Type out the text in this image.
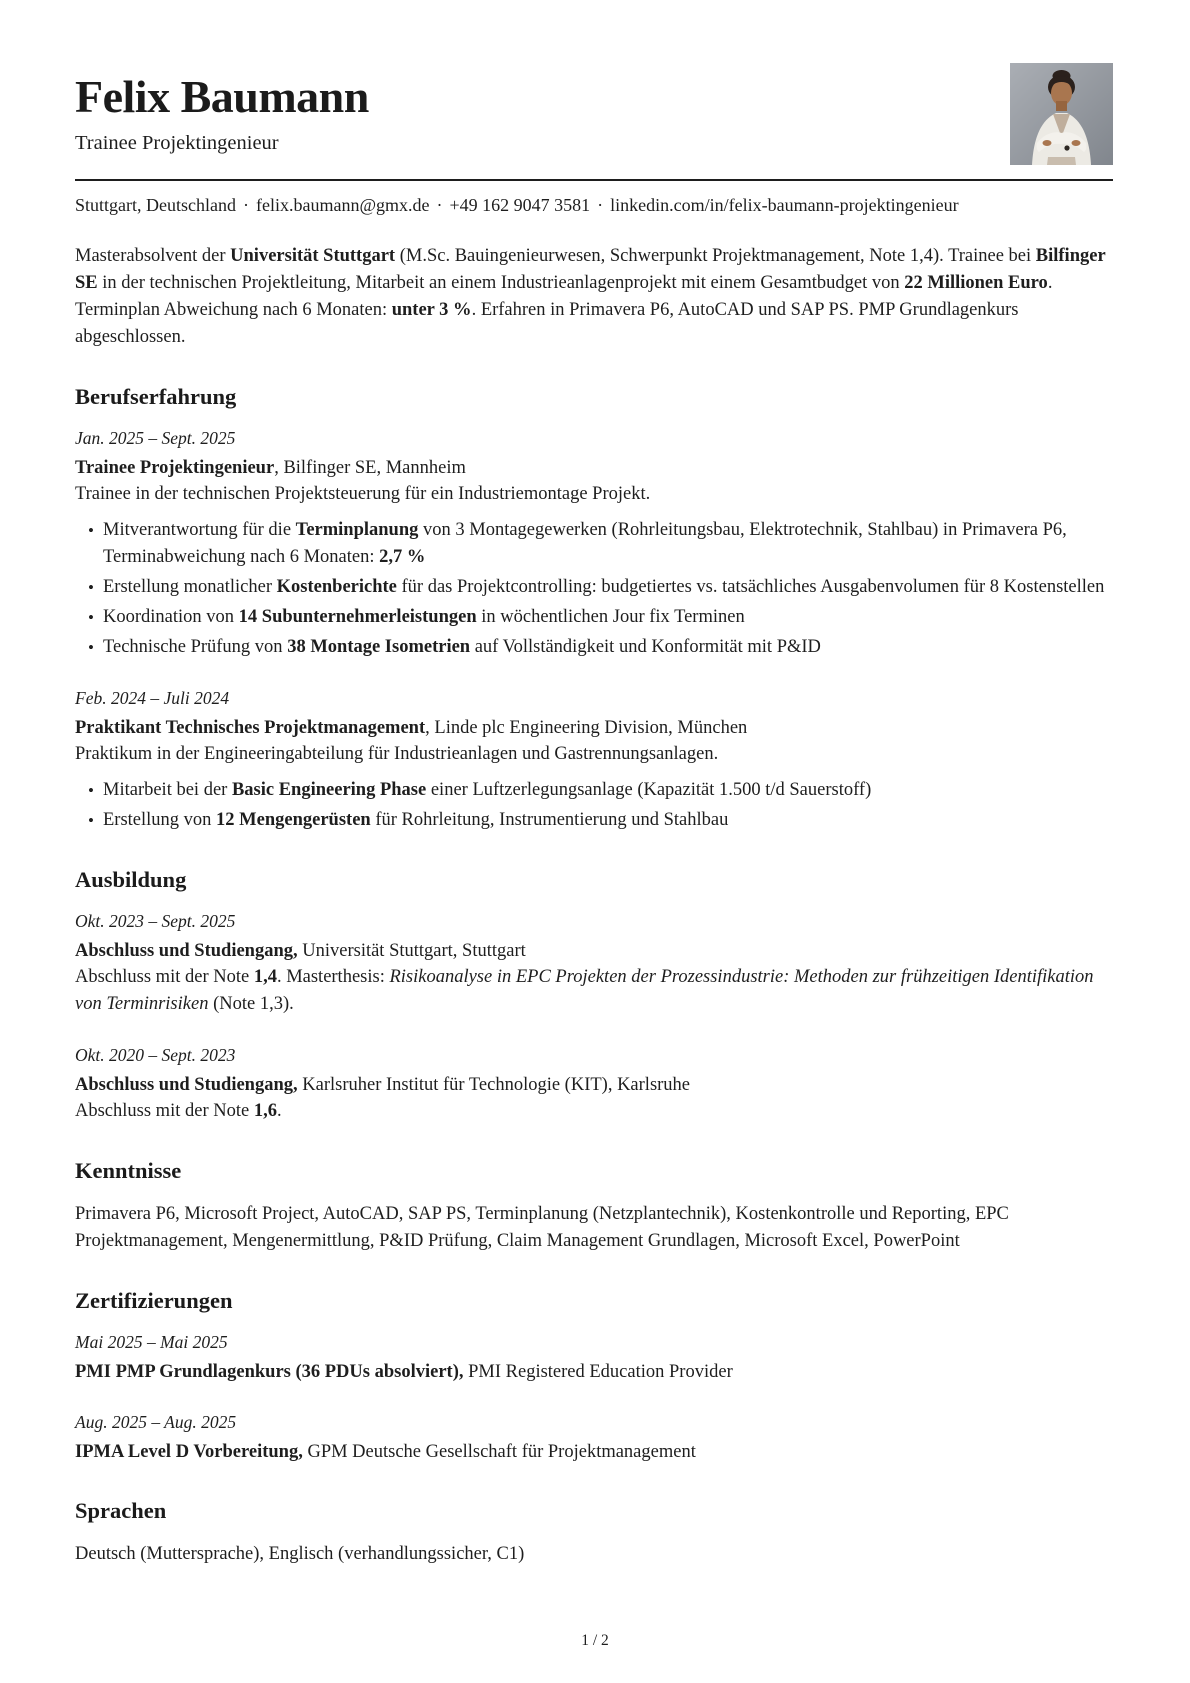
Felix Baumann
Trainee Projektingenieur
Stuttgart, Deutschland · felix.baumann@gmx.de · +49 162 9047 3581 · linkedin.com/in/felix-baumann-projektingenieur

Masterabsolvent der Universität Stuttgart (M.Sc. Bauingenieurwesen, Schwerpunkt Projektmanagement, Note 1,4). Trainee bei Bilfinger SE in der technischen Projektleitung, Mitarbeit an einem Industrieanlagenprojekt mit einem Gesamtbudget von 22 Millionen Euro. Terminplan Abweichung nach 6 Monaten: unter 3 %. Erfahren in Primavera P6, AutoCAD und SAP PS. PMP Grundlagenkurs abgeschlossen.

Berufserfahrung
Jan. 2025 – Sept. 2025
Trainee Projektingenieur, Bilfinger SE, Mannheim
Trainee in der technischen Projektsteuerung für ein Industriemontage Projekt.
• Mitverantwortung für die Terminplanung von 3 Montagegewerken (Rohrleitungsbau, Elektrotechnik, Stahlbau) in Primavera P6, Terminabweichung nach 6 Monaten: 2,7 %
• Erstellung monatlicher Kostenberichte für das Projektcontrolling: budgetiertes vs. tatsächliches Ausgabenvolumen für 8 Kostenstellen
• Koordination von 14 Subunternehmerleistungen in wöchentlichen Jour fix Terminen
• Technische Prüfung von 38 Montage Isometrien auf Vollständigkeit und Konformität mit P&ID
Feb. 2024 – Juli 2024
Praktikant Technisches Projektmanagement, Linde plc Engineering Division, München
Praktikum in der Engineeringabteilung für Industrieanlagen und Gastrennungsanlagen.
• Mitarbeit bei der Basic Engineering Phase einer Luftzerlegungsanlage (Kapazität 1.500 t/d Sauerstoff)
• Erstellung von 12 Mengengerüsten für Rohrleitung, Instrumentierung und Stahlbau
Ausbildung
Okt. 2023 – Sept. 2025
Abschluss und Studiengang, Universität Stuttgart, Stuttgart
Abschluss mit der Note 1,4. Masterthesis: Risikoanalyse in EPC Projekten der Prozessindustrie: Methoden zur frühzeitigen Identifikation von Terminrisiken (Note 1,3).
Okt. 2020 – Sept. 2023
Abschluss und Studiengang, Karlsruher Institut für Technologie (KIT), Karlsruhe
Abschluss mit der Note 1,6.
Kenntnisse

Primavera P6, Microsoft Project, AutoCAD, SAP PS, Terminplanung (Netzplantechnik), Kostenkontrolle und Reporting, EPC Projektmanagement, Mengenermittlung, P&ID Prüfung, Claim Management Grundlagen, Microsoft Excel, PowerPoint

Zertifizierungen
Mai 2025 – Mai 2025
PMI PMP Grundlagenkurs (36 PDUs absolviert), PMI Registered Education Provider
Aug. 2025 – Aug. 2025
IPMA Level D Vorbereitung, GPM Deutsche Gesellschaft für Projektmanagement
Sprachen

Deutsch (Muttersprache), Englisch (verhandlungssicher, C1)

1 / 2
